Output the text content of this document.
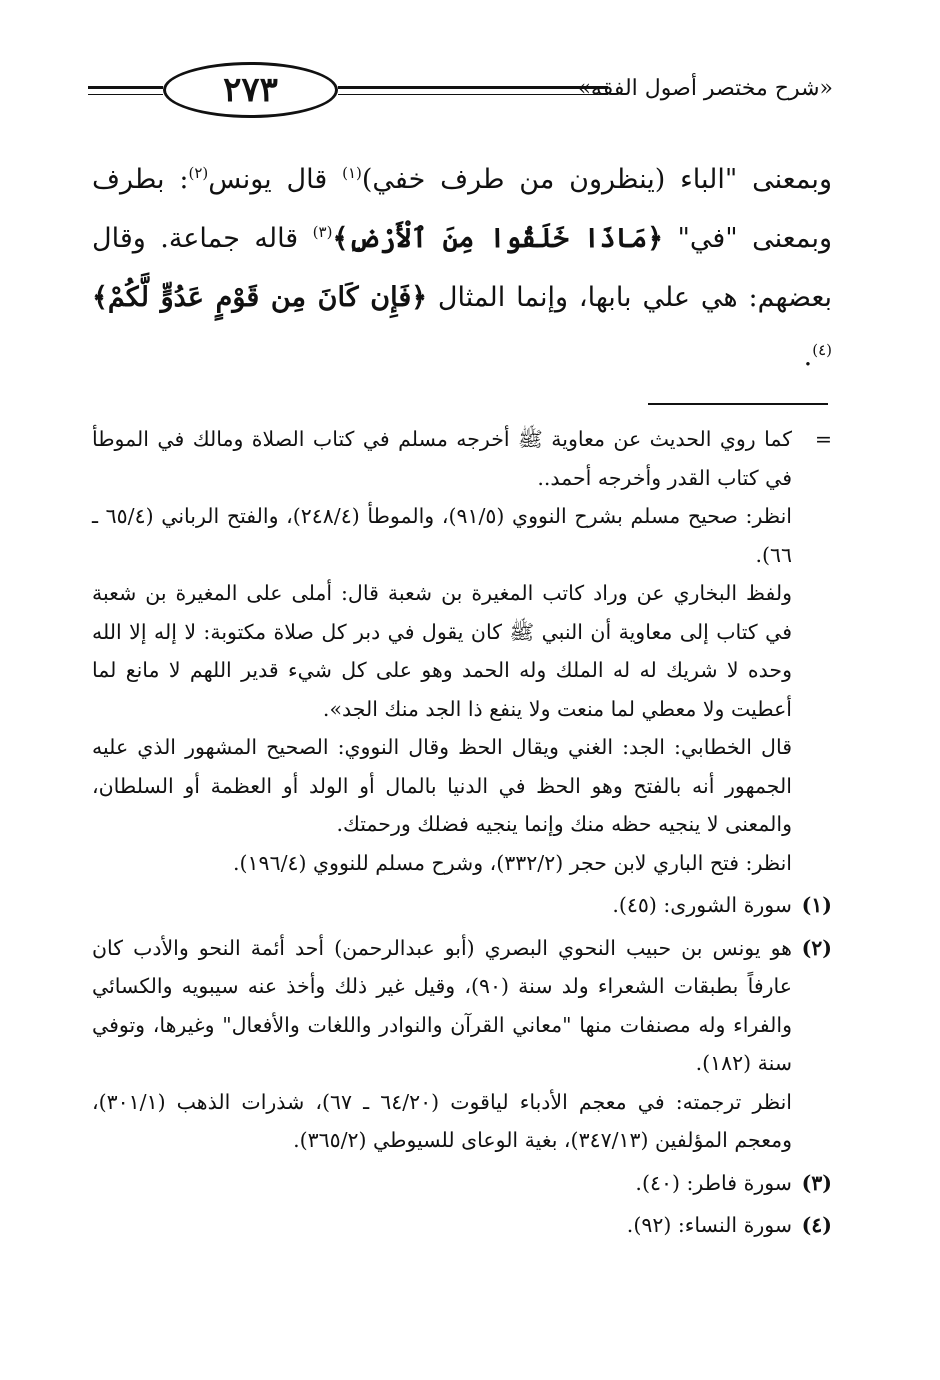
٢٧٣	«شرح مختصر أصول الفقه»

وبمعنى "الباء (ينظرون من طرف خفي)$^{(١)}$ قال يونس$^{(٢)}$: بطرف وبمعنى "في" ﴿مَاذَا خَلَقُوا مِنَ ٱلْأَرْضِ﴾$^{(٣)}$ قاله جماعة. وقال بعضهم: هي علي بابها، وإنما المثال ﴿فَإِن كَانَ مِن قَوْمٍ عَدُوٍّ لَّكُمْ﴾$^{(٤)}$.

=

كما روي الحديث عن معاوية ﷺ أخرجه مسلم في كتاب الصلاة ومالك في الموطأ في كتاب القدر وأخرجه أحمد..

انظر: صحيح مسلم بشرح النووي (٩١/٥)، والموطأ (٢٤٨/٤)، والفتح الرباني (٦٥/٤ ـ ٦٦).

ولفظ البخاري عن وراد كاتب المغيرة بن شعبة قال: أملى على المغيرة بن شعبة في كتاب إلى معاوية أن النبي ﷺ كان يقول في دبر كل صلاة مكتوبة: لا إله إلا الله وحده لا شريك له له الملك وله الحمد وهو على كل شيء قدير اللهم لا مانع لما أعطيت ولا معطي لما منعت ولا ينفع ذا الجد منك الجد».

قال الخطابي: الجد: الغني ويقال الحظ وقال النووي: الصحيح المشهور الذي عليه الجمهور أنه بالفتح وهو الحظ في الدنيا بالمال أو الولد أو العظمة أو السلطان، والمعنى لا ينجيه حظه منك وإنما ينجيه فضلك ورحمتك.

انظر: فتح الباري لابن حجر (٣٣٢/٢)، وشرح مسلم للنووي (١٩٦/٤).

(١)
سورة الشورى: (٤٥).
(٢)

هو يونس بن حبيب النحوي البصري (أبو عبدالرحمن) أحد أئمة النحو والأدب كان عارفاً بطبقات الشعراء ولد سنة (٩٠)، وقيل غير ذلك وأخذ عنه سيبويه والكسائي والفراء وله مصنفات منها "معاني القرآن والنوادر واللغات والأفعال" وغيرها، وتوفي سنة (١٨٢).

انظر ترجمته: في معجم الأدباء لياقوت (٦٤/٢٠ ـ ٦٧)، شذرات الذهب (٣٠١/١)، ومعجم المؤلفين (٣٤٧/١٣)، بغية الوعاى للسيوطي (٣٦٥/٢).

(٣)
سورة فاطر: (٤٠).
(٤)
سورة النساء: (٩٢).
